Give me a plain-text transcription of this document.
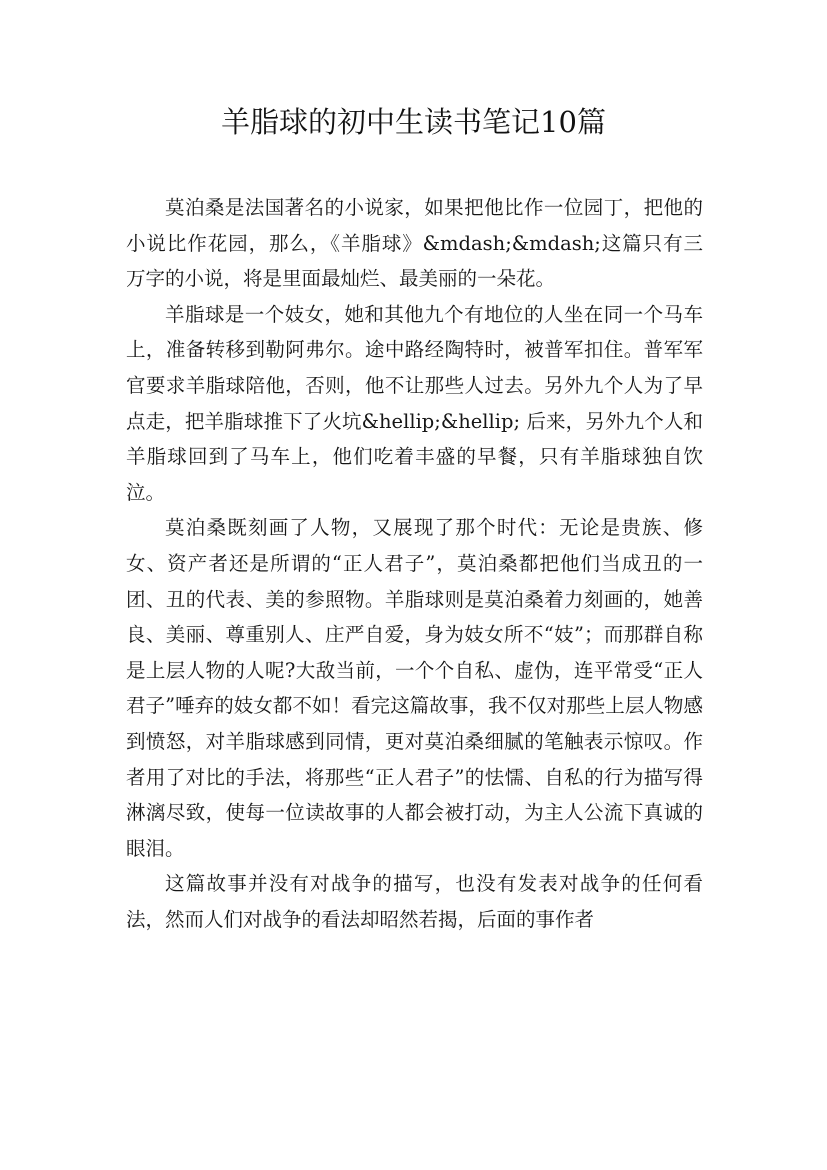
羊脂球的初中生读书笔记10篇

莫泊桑是法国著名的小说家，如果把他比作一位园丁，把他的小说比作花园，那么，《羊脂球》&mdash;&mdash;这篇只有三万字的小说，将是里面最灿烂、最美丽的一朵花。

羊脂球是一个妓女，她和其他九个有地位的人坐在同一个马车上，准备转移到勒阿弗尔。途中路经陶特时，被普军扣住。普军军官要求羊脂球陪他，否则，他不让那些人过去。另外九个人为了早点走，把羊脂球推下了火坑&hellip;&hellip; 后来，另外九个人和羊脂球回到了马车上，他们吃着丰盛的早餐，只有羊脂球独自饮泣。

莫泊桑既刻画了人物，又展现了那个时代：无论是贵族、修女、资产者还是所谓的“正人君子”，莫泊桑都把他们当成丑的一团、丑的代表、美的参照物。羊脂球则是莫泊桑着力刻画的，她善良、美丽、尊重别人、庄严自爱，身为妓女所不“妓”；而那群自称是上层人物的人呢?大敌当前，一个个自私、虚伪，连平常受“正人君子”唾弃的妓女都不如！看完这篇故事，我不仅对那些上层人物感到愤怒，对羊脂球感到同情，更对莫泊桑细腻的笔触表示惊叹。作者用了对比的手法，将那些“正人君子”的怯懦、自私的行为描写得淋漓尽致，使每一位读故事的人都会被打动，为主人公流下真诚的眼泪。

这篇故事并没有对战争的描写，也没有发表对战争的任何看法，然而人们对战争的看法却昭然若揭，后面的事作者
